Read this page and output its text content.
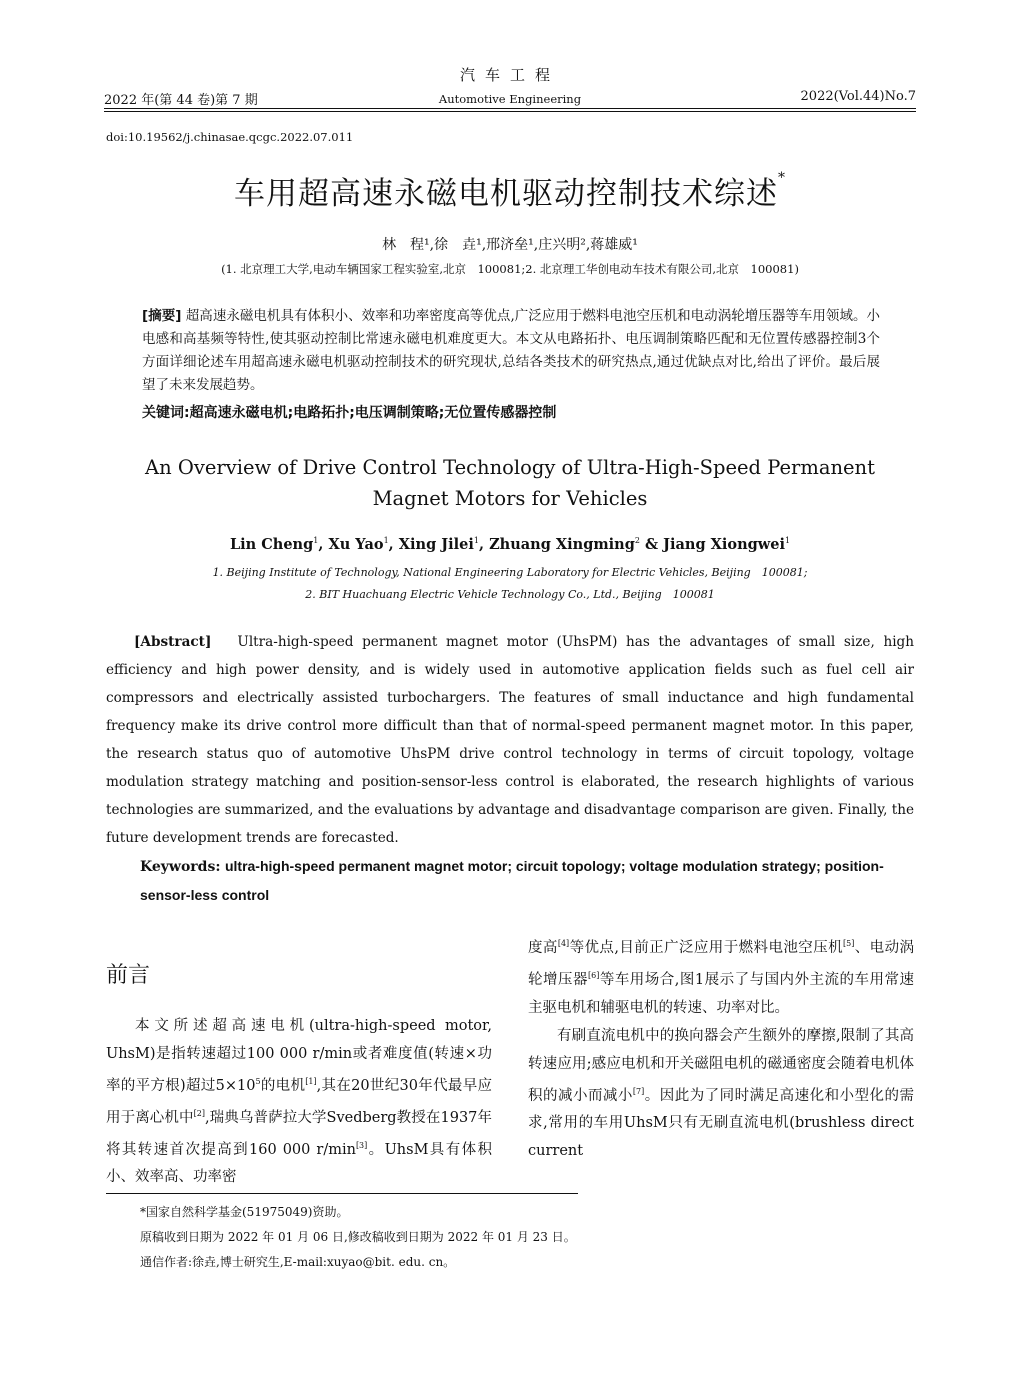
汽车工程
2022 年(第 44 卷)第 7 期	Automotive Engineering	2022(Vol.44)No.7
doi:10.19562/j.chinasae.qcgc.2022.07.011
车用超高速永磁电机驱动控制技术综述*
林　程¹,徐　垚¹,邢济垒¹,庄兴明²,蒋雄威¹
(1. 北京理工大学,电动车辆国家工程实验室,北京　100081;2. 北京理工华创电动车技术有限公司,北京　100081)
[摘要] 超高速永磁电机具有体积小、效率和功率密度高等优点,广泛应用于燃料电池空压机和电动涡轮增压器等车用领域。小电感和高基频等特性,使其驱动控制比常速永磁电机难度更大。本文从电路拓扑、电压调制策略匹配和无位置传感器控制3个方面详细论述车用超高速永磁电机驱动控制技术的研究现状,总结各类技术的研究热点,通过优缺点对比,给出了评价。最后展望了未来发展趋势。
关键词:超高速永磁电机;电路拓扑;电压调制策略;无位置传感器控制
An Overview of Drive Control Technology of Ultra-High-Speed Permanent Magnet Motors for Vehicles
Lin Cheng$^1$, Xu Yao$^1$, Xing Jilei$^1$, Zhuang Xingming$^2$ & Jiang Xiongwei$^1$
1. Beijing Institute of Technology, National Engineering Laboratory for Electric Vehicles, Beijing　100081;
2. BIT Huachuang Electric Vehicle Technology Co., Ltd., Beijing　100081
[Abstract] Ultra-high-speed permanent magnet motor (UhsPM) has the advantages of small size, high efficiency and high power density, and is widely used in automotive application fields such as fuel cell air compressors and electrically assisted turbochargers. The features of small inductance and high fundamental frequency make its drive control more difficult than that of normal-speed permanent magnet motor. In this paper, the research status quo of automotive UhsPM drive control technology in terms of circuit topology, voltage modulation strategy matching and position-sensor-less control is elaborated, the research highlights of various technologies are summarized, and the evaluations by advantage and disadvantage comparison are given. Finally, the future development trends are forecasted.
Keywords: ultra-high-speed permanent magnet motor; circuit topology; voltage modulation strategy; position-sensor-less control
前言

本文所述超高速电机(ultra-high-speed motor, UhsM)是指转速超过100 000 r/min或者难度值(转速×功率的平方根)超过$5\times 10^5$的电机[1],其在20世纪30年代最早应用于离心机中[2],瑞典乌普萨拉大学Svedberg教授在1937年将其转速首次提高到160 000 r/min[3]。UhsM具有体积小、效率高、功率密

度高[4]等优点,目前正广泛应用于燃料电池空压机[5]、电动涡轮增压器[6]等车用场合,图1展示了与国内外主流的车用常速主驱电机和辅驱电机的转速、功率对比。

有刷直流电机中的换向器会产生额外的摩擦,限制了其高转速应用;感应电机和开关磁阻电机的磁通密度会随着电机体积的减小而减小[7]。因此为了同时满足高速化和小型化的需求,常用的车用UhsM只有无刷直流电机(brushless direct current

*国家自然科学基金(51975049)资助。
原稿收到日期为 2022 年 01 月 06 日,修改稿收到日期为 2022 年 01 月 23 日。
通信作者:徐垚,博士研究生,E-mail:xuyao@bit. edu. cn。
